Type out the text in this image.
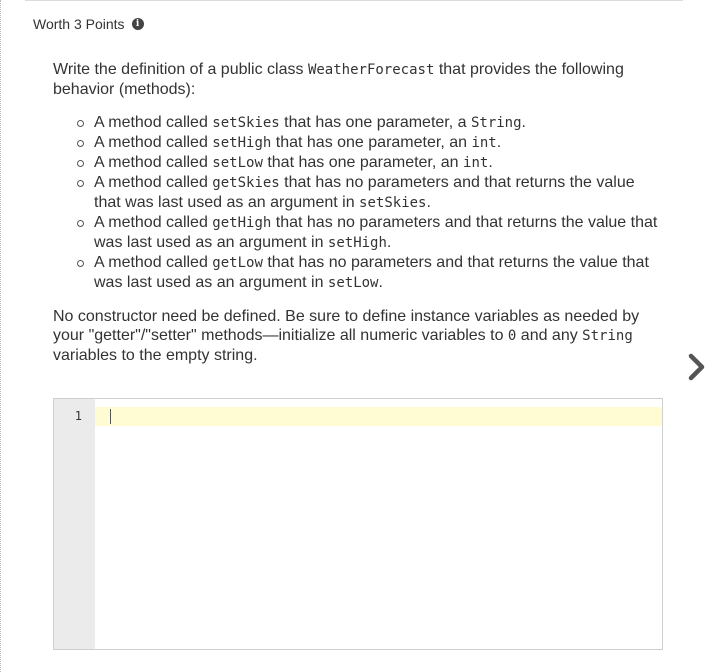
Worth 3 Points	i

Write the definition of a public class WeatherForecast that provides the following behavior (methods):

A method called setSkies that has one parameter, a String.
A method called setHigh that has one parameter, an int.
A method called setLow that has one parameter, an int.
A method called getSkies that has no parameters and that returns the value that was last used as an argument in setSkies.
A method called getHigh that has no parameters and that returns the value that was last used as an argument in setHigh.
A method called getLow that has no parameters and that returns the value that was last used as an argument in setLow.

No constructor need be defined. Be sure to define instance variables as needed by your "getter"/"setter" methods—initialize all numeric variables to 0 and any String variables to the empty string.

1
